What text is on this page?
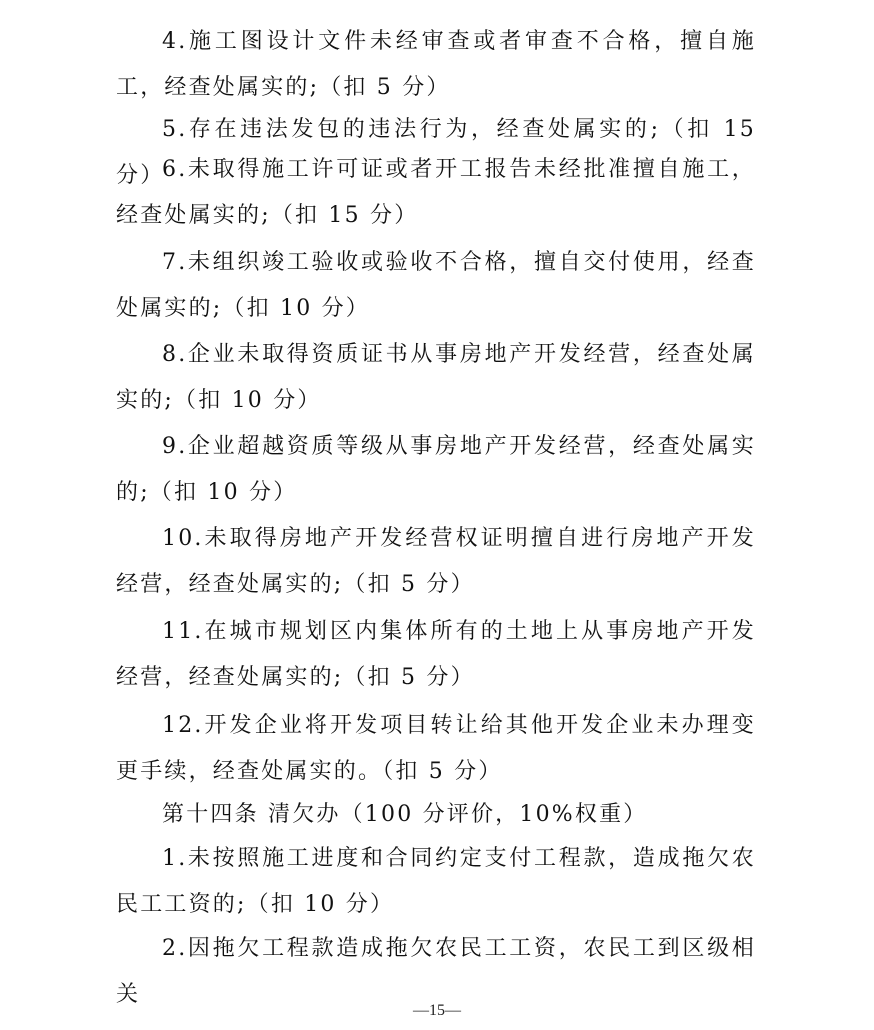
4.施工图设计文件未经审查或者审查不合格，擅自施工，经查处属实的;（扣 5 分）

5.存在违法发包的违法行为，经查处属实的;（扣 15 分）

6.未取得施工许可证或者开工报告未经批准擅自施工，经查处属实的;（扣 15 分）

7.未组织竣工验收或验收不合格，擅自交付使用，经查处属实的;（扣 10 分）

8.企业未取得资质证书从事房地产开发经营，经查处属实的;（扣 10 分）

9.企业超越资质等级从事房地产开发经营，经查处属实的;（扣 10 分）

10.未取得房地产开发经营权证明擅自进行房地产开发经营，经查处属实的;（扣 5 分）

11.在城市规划区内集体所有的土地上从事房地产开发经营，经查处属实的;（扣 5 分）

12.开发企业将开发项目转让给其他开发企业未办理变更手续，经查处属实的。（扣 5 分）

第十四条 清欠办（100 分评价，10%权重）

1.未按照施工进度和合同约定支付工程款，造成拖欠农民工工资的;（扣 10 分）

2.因拖欠工程款造成拖欠农民工工资，农民工到区级相关

—15—
